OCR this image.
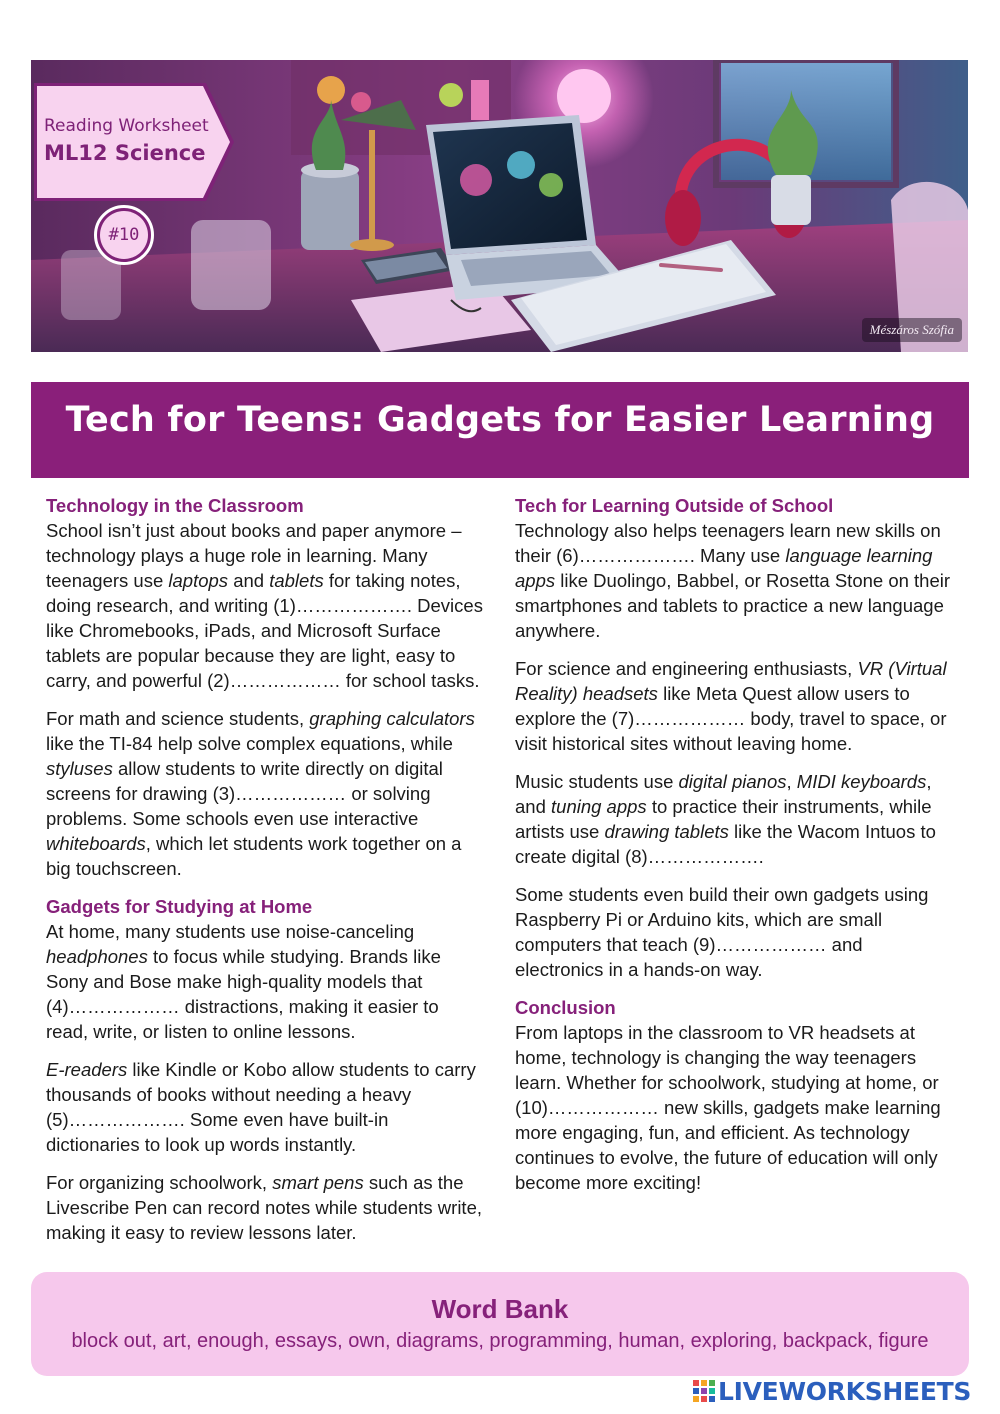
Reading Worksheet
ML12 Science
#10
Mészáros Szófia
Tech for Teens: Gadgets for Easier Learning
Technology in the Classroom

School isn’t just about books and paper anymore – technology plays a huge role in learning. Many teenagers use laptops and tablets for taking notes, doing research, and writing (1)………………. Devices like Chromebooks, iPads, and Microsoft Surface tablets are popular because they are light, easy to carry, and powerful (2)……………… for school tasks.

For math and science students, graphing calculators like the TI-84 help solve complex equations, while styluses allow students to write directly on digital screens for drawing (3)……………… or solving problems. Some schools even use interactive whiteboards, which let students work together on a big touchscreen.

Gadgets for Studying at Home

At home, many students use noise-canceling headphones to focus while studying. Brands like Sony and Bose make high-quality models that (4)……………… distractions, making it easier to read, write, or listen to online lessons.

E-readers like Kindle or Kobo allow students to carry thousands of books without needing a heavy (5)………………. Some even have built-in dictionaries to look up words instantly.

For organizing schoolwork, smart pens such as the Livescribe Pen can record notes while students write, making it easy to review lessons later.

Tech for Learning Outside of School

Technology also helps teenagers learn new skills on their (6)………………. Many use language learning apps like Duolingo, Babbel, or Rosetta Stone on their smartphones and tablets to practice a new language anywhere.

For science and engineering enthusiasts, VR (Virtual Reality) headsets like Meta Quest allow users to explore the (7)……………… body, travel to space, or visit historical sites without leaving home.

Music students use digital pianos, MIDI keyboards, and tuning apps to practice their instruments, while artists use drawing tablets like the Wacom Intuos to create digital (8)……………….

Some students even build their own gadgets using Raspberry Pi or Arduino kits, which are small computers that teach (9)……………… and electronics in a hands-on way.

Conclusion

From laptops in the classroom to VR headsets at home, technology is changing the way teenagers learn. Whether for schoolwork, studying at home, or (10)……………… new skills, gadgets make learning more engaging, fun, and efficient. As technology continues to evolve, the future of education will only become more exciting!

Word Bank
block out, art, enough, essays, own, diagrams, programming, human, exploring, backpack, figure
LIVEWORKSHEETS
